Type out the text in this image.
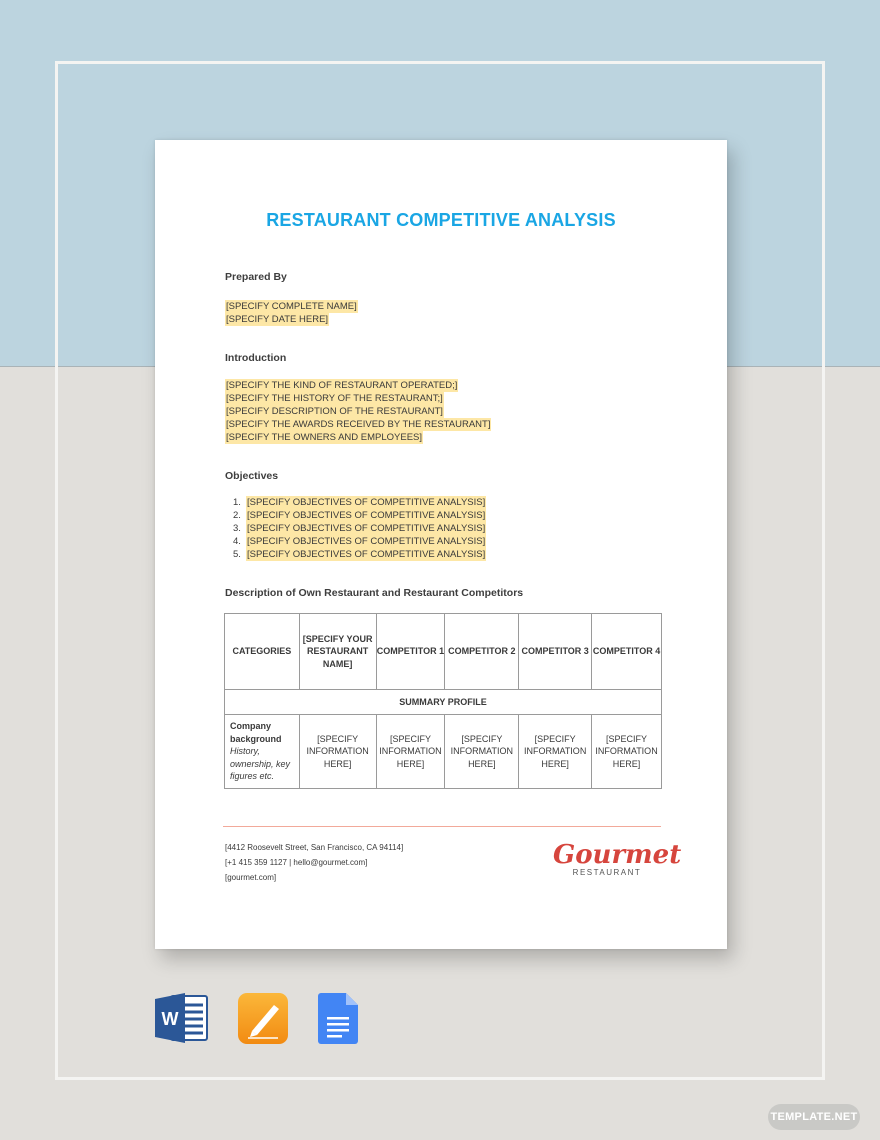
RESTAURANT COMPETITIVE ANALYSIS
Prepared By
[SPECIFY COMPLETE NAME]
[SPECIFY DATE HERE]
Introduction
[SPECIFY THE KIND OF RESTAURANT OPERATED;]
[SPECIFY THE HISTORY OF THE RESTAURANT;]
[SPECIFY DESCRIPTION OF THE RESTAURANT]
[SPECIFY THE AWARDS RECEIVED BY THE RESTAURANT]
[SPECIFY THE OWNERS AND EMPLOYEES]
Objectives
1. [SPECIFY OBJECTIVES OF COMPETITIVE ANALYSIS]
2. [SPECIFY OBJECTIVES OF COMPETITIVE ANALYSIS]
3. [SPECIFY OBJECTIVES OF COMPETITIVE ANALYSIS]
4. [SPECIFY OBJECTIVES OF COMPETITIVE ANALYSIS]
5. [SPECIFY OBJECTIVES OF COMPETITIVE ANALYSIS]
Description of Own Restaurant and Restaurant Competitors
CATEGORIES	[SPECIFY YOUR RESTAURANT NAME]	COMPETITOR 1	COMPETITOR 2	COMPETITOR 3	COMPETITOR 4
SUMMARY PROFILE					

Company background
History, ownership, key figures etc.	[SPECIFY INFORMATION HERE]	[SPECIFY INFORMATION HERE]	[SPECIFY INFORMATION HERE]	[SPECIFY INFORMATION HERE]	[SPECIFY INFORMATION HERE]
[4412 Roosevelt Street, San Francisco, CA 94114]
[+1 415 359 1127 | hello@gourmet.com]
[gourmet.com]
Gourmet
RESTAURANT
W
TEMPLATE.NET
